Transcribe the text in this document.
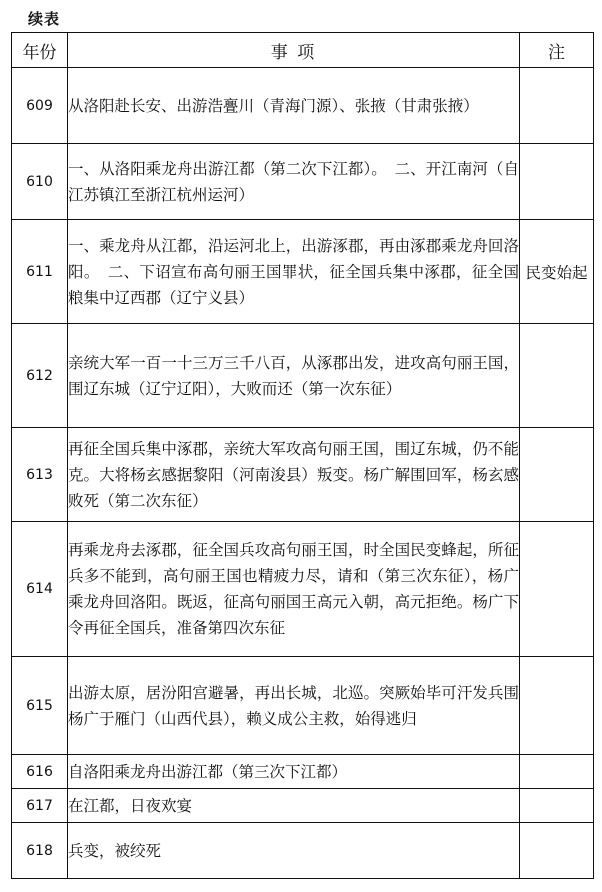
续表
年份	事 项	注
609	从洛阳赴长安、出游浩亹川（青海门源）、张掖（甘肃张掖）	
610	一、从洛阳乘龙舟出游江都（第二次下江都）。　二、开江南河（自江苏镇江至浙江杭州运河）	
611	一、乘龙舟从江都，沿运河北上，出游涿郡，再由涿郡乘龙舟回洛阳。　二、下诏宣布高句丽王国罪状，征全国兵集中涿郡，征全国粮集中辽西郡（辽宁义县）	民变始起
612	亲统大军一百一十三万三千八百，从涿郡出发，进攻高句丽王国，围辽东城（辽宁辽阳），大败而还（第一次东征）	
613	再征全国兵集中涿郡，亲统大军攻高句丽王国，围辽东城，仍不能克。大将杨玄感据黎阳（河南浚县）叛变。杨广解围回军，杨玄感败死（第二次东征）	
614	再乘龙舟去涿郡，征全国兵攻高句丽王国，时全国民变蜂起，所征兵多不能到，高句丽王国也精疲力尽，请和（第三次东征），杨广乘龙舟回洛阳。既返，征高句丽国王高元入朝，高元拒绝。杨广下令再征全国兵，准备第四次东征	
615	出游太原，居汾阳宫避暑，再出长城，北巡。突厥始毕可汗发兵围杨广于雁门（山西代县），赖义成公主救，始得逃归	
616	自洛阳乘龙舟出游江都（第三次下江都）	
617	在江都，日夜欢宴	
618	兵变，被绞死	
